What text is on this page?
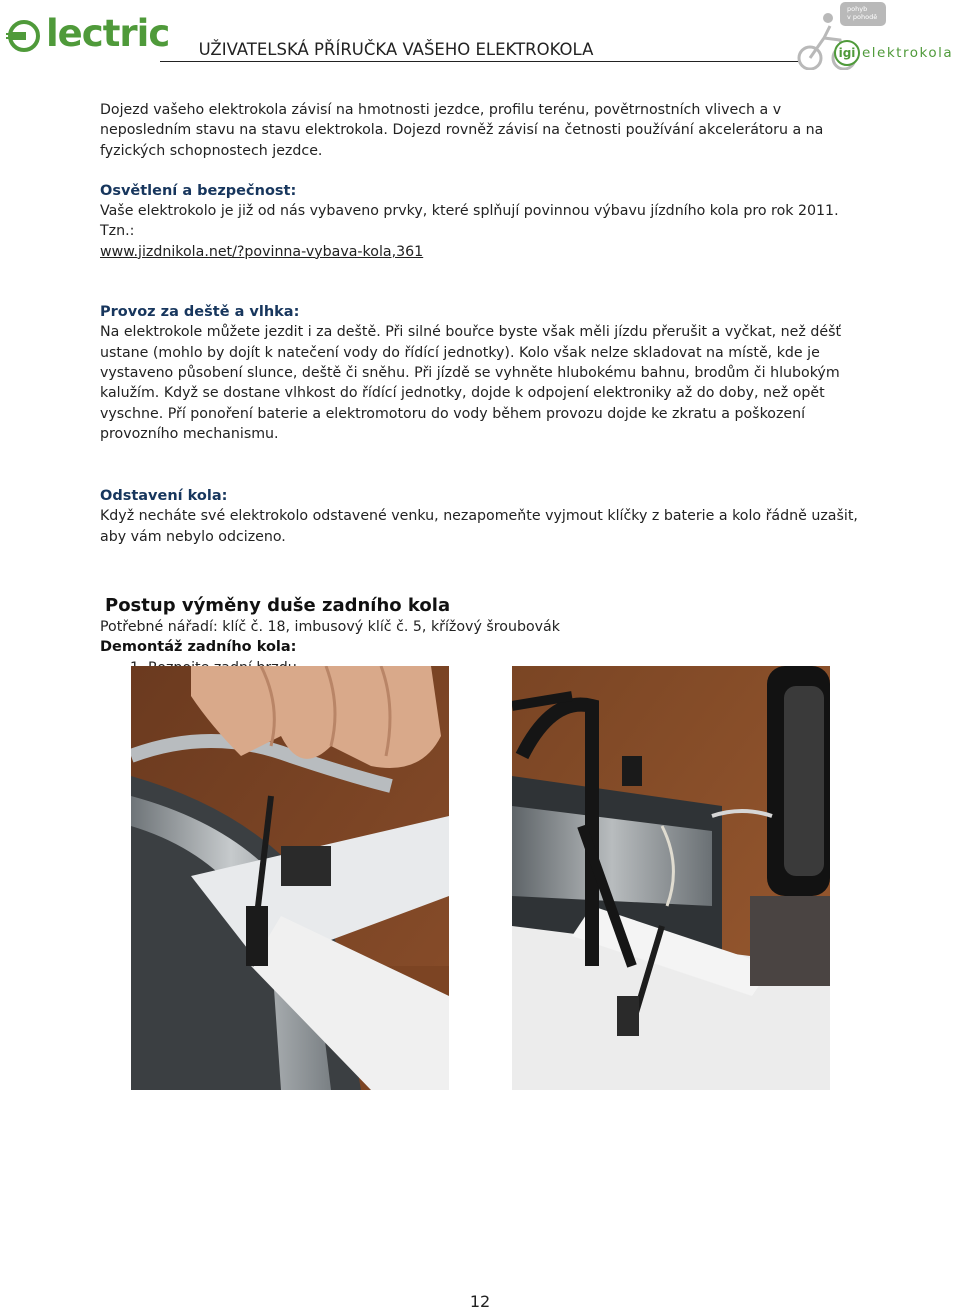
lectric	UŽIVATELSKÁ PŘÍRUČKA VAŠEHO ELEKTROKOLA
pohyb
v pohodě
igi elektrokola

Dojezd vašeho elektrokola závisí na hmotnosti jezdce, profilu terénu, povětrnostních vlivech a v neposledním stavu na stavu elektrokola. Dojezd rovněž závisí na četnosti používání akcelerátoru a na fyzických schopnostech jezdce.

Osvětlení a bezpečnost:

Vaše elektrokolo je již od nás vybaveno prvky, které splňují povinnou výbavu jízdního kola pro rok 2011. Tzn.:

www.jizdnikola.net/?povinna-vybava-kola,361

Provoz za deště a vlhka:

Na elektrokole můžete jezdit i za deště. Při silné bouřce byste však měli jízdu přerušit a vyčkat, než déšť ustane (mohlo by dojít k natečení vody do řídící jednotky). Kolo však nelze skladovat na místě, kde je vystaveno působení slunce, deště či sněhu. Při jízdě se vyhněte hlubokému bahnu, brodům či hlubokým kalužím. Když se dostane vlhkost do řídící jednotky, dojde k odpojení elektroniky až do doby, než opět vyschne. Pří ponoření baterie a elektromotoru do vody během provozu dojde ke zkratu a poškození provozního mechanismu.

Odstavení kola:

Když necháte své elektrokolo odstavené venku, nezapomeňte vyjmout klíčky z baterie a kolo řádně uzašit, aby vám nebylo odcizeno.

Postup výměny duše zadního kola

Potřebné nářadí: klíč č. 18, imbusový klíč č. 5, křížový šroubovák

Demontáž zadního kola:

12
